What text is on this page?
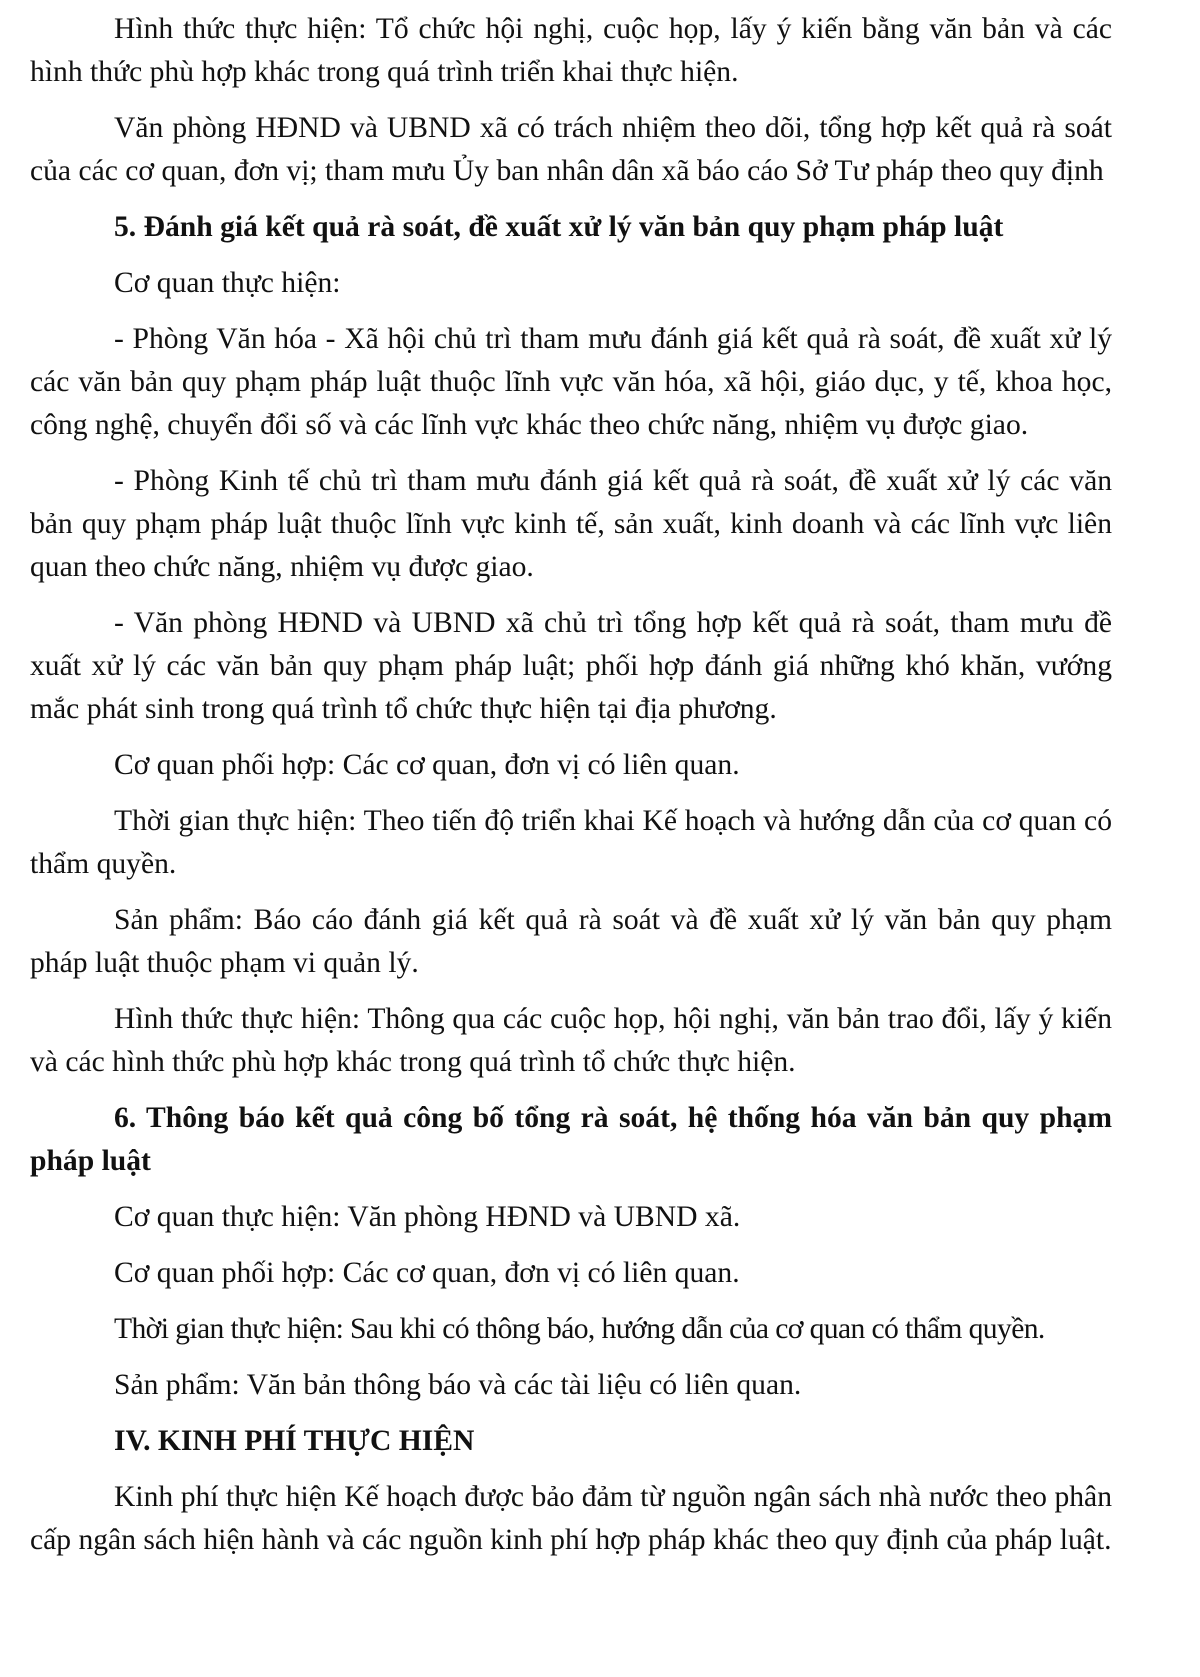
Hình thức thực hiện: Tổ chức hội nghị, cuộc họp, lấy ý kiến bằng văn bản và các hình thức phù hợp khác trong quá trình triển khai thực hiện.

Văn phòng HĐND và UBND xã có trách nhiệm theo dõi, tổng hợp kết quả rà soát của các cơ quan, đơn vị; tham mưu Ủy ban nhân dân xã báo cáo Sở Tư pháp theo quy định

5. Đánh giá kết quả rà soát, đề xuất xử lý văn bản quy phạm pháp luật

Cơ quan thực hiện:

- Phòng Văn hóa - Xã hội chủ trì tham mưu đánh giá kết quả rà soát, đề xuất xử lý các văn bản quy phạm pháp luật thuộc lĩnh vực văn hóa, xã hội, giáo dục, y tế, khoa học, công nghệ, chuyển đổi số và các lĩnh vực khác theo chức năng, nhiệm vụ được giao.

- Phòng Kinh tế chủ trì tham mưu đánh giá kết quả rà soát, đề xuất xử lý các văn bản quy phạm pháp luật thuộc lĩnh vực kinh tế, sản xuất, kinh doanh và các lĩnh vực liên quan theo chức năng, nhiệm vụ được giao.

- Văn phòng HĐND và UBND xã chủ trì tổng hợp kết quả rà soát, tham mưu đề xuất xử lý các văn bản quy phạm pháp luật; phối hợp đánh giá những khó khăn, vướng mắc phát sinh trong quá trình tổ chức thực hiện tại địa phương.

Cơ quan phối hợp: Các cơ quan, đơn vị có liên quan.

Thời gian thực hiện: Theo tiến độ triển khai Kế hoạch và hướng dẫn của cơ quan có thẩm quyền.

Sản phẩm: Báo cáo đánh giá kết quả rà soát và đề xuất xử lý văn bản quy phạm pháp luật thuộc phạm vi quản lý.

Hình thức thực hiện: Thông qua các cuộc họp, hội nghị, văn bản trao đổi, lấy ý kiến và các hình thức phù hợp khác trong quá trình tổ chức thực hiện.

6. Thông báo kết quả công bố tổng rà soát, hệ thống hóa văn bản quy phạm pháp luật

Cơ quan thực hiện: Văn phòng HĐND và UBND xã.

Cơ quan phối hợp: Các cơ quan, đơn vị có liên quan.

Thời gian thực hiện: Sau khi có thông báo, hướng dẫn của cơ quan có thẩm quyền.

Sản phẩm: Văn bản thông báo và các tài liệu có liên quan.

IV. KINH PHÍ THỰC HIỆN

Kinh phí thực hiện Kế hoạch được bảo đảm từ nguồn ngân sách nhà nước theo phân cấp ngân sách hiện hành và các nguồn kinh phí hợp pháp khác theo quy định của pháp luật.
